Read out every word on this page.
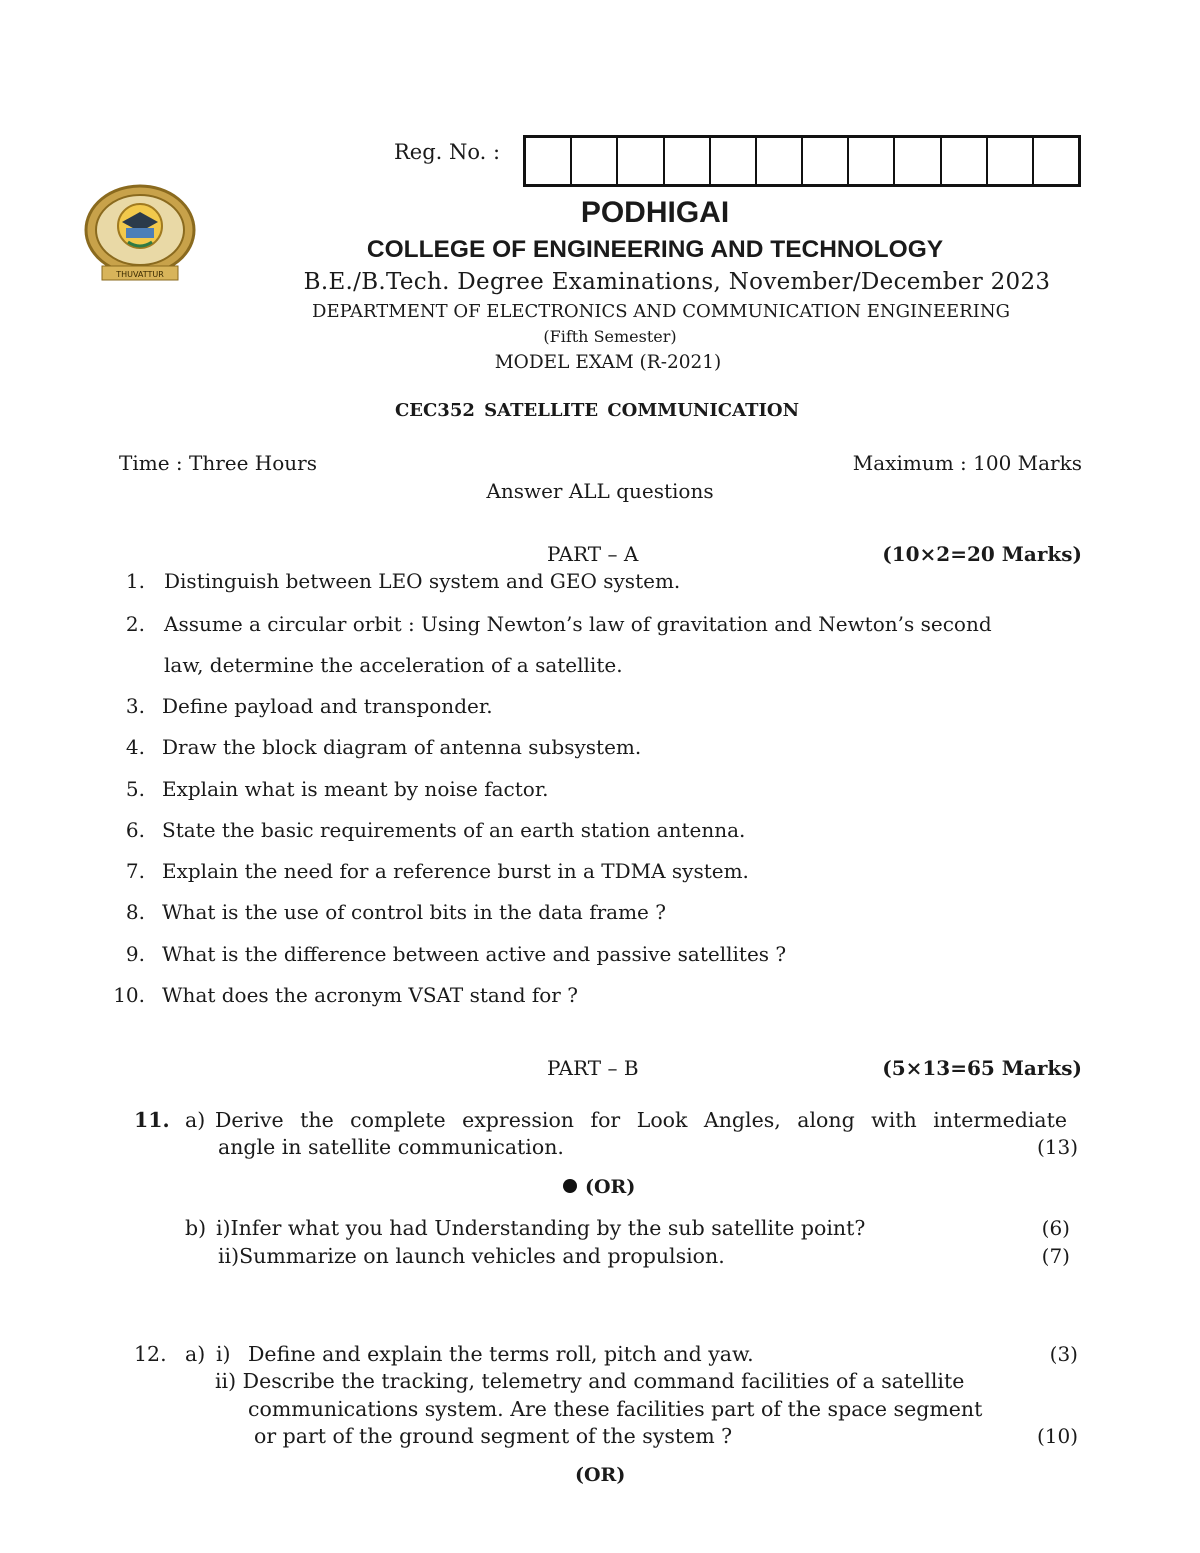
Reg. No. :
THUVATTUR
PODHIGAI
COLLEGE OF ENGINEERING AND TECHNOLOGY
B.E./B.Tech. Degree Examinations, November/December 2023
DEPARTMENT OF ELECTRONICS AND COMMUNICATION ENGINEERING
(Fifth Semester)
MODEL EXAM (R-2021)
CEC352 SATELLITE COMMUNICATION
Time : Three Hours	Maximum : 100 Marks
Answer ALL questions
PART – A	(10×2=20 Marks)
1. Distinguish between LEO system and GEO system.
2. Assume a circular orbit : Using Newton’s law of gravitation and Newton’s second
law, determine the acceleration of a satellite.
3. Define payload and transponder.
4. Draw the block diagram of antenna subsystem.
5. Explain what is meant by noise factor.
6. State the basic requirements of an earth station antenna.
7. Explain the need for a reference burst in a TDMA system.
8. What is the use of control bits in the data frame ?
9. What is the difference between active and passive satellites ?
10. What does the acronym VSAT stand for ?
PART – B	(5×13=65 Marks)
11. a) Derive the complete expression for Look Angles, along with intermediate
angle in satellite communication.	(13)
(OR)
b) i)Infer what you had Understanding by the sub satellite point?	(6)
ii)Summarize on launch vehicles and propulsion.	(7)
12. a) i) Define and explain the terms roll, pitch and yaw.	(3)
ii) Describe the tracking, telemetry and command facilities of a satellite
communications system. Are these facilities part of the space segment
or part of the ground segment of the system ?	(10)
(OR)
